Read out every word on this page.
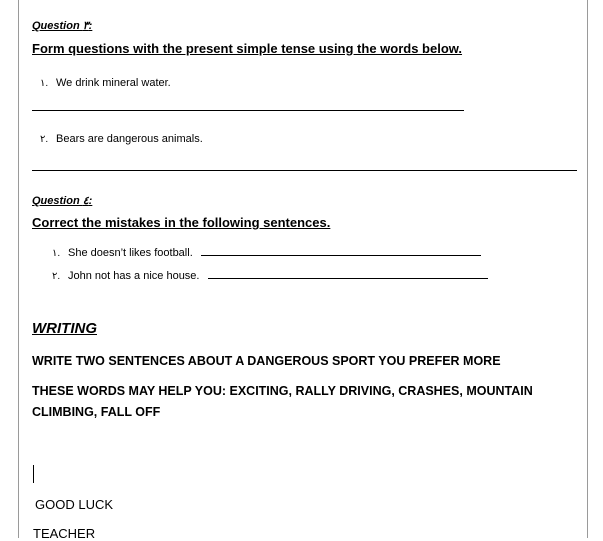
Question ٣:
Form questions with the present simple tense using the words below.
١. We drink mineral water.
٢. Bears are dangerous animals.
Question ٤:
Correct the mistakes in the following sentences.
١. She doesn’t likes football.
٢. John not has a nice house.
WRITING
WRITE TWO SENTENCES ABOUT A DANGEROUS SPORT YOU PREFER MORE
THESE WORDS MAY HELP YOU: EXCITING, RALLY DRIVING, CRASHES, MOUNTAIN
CLIMBING, FALL OFF
GOOD LUCK
TEACHER
